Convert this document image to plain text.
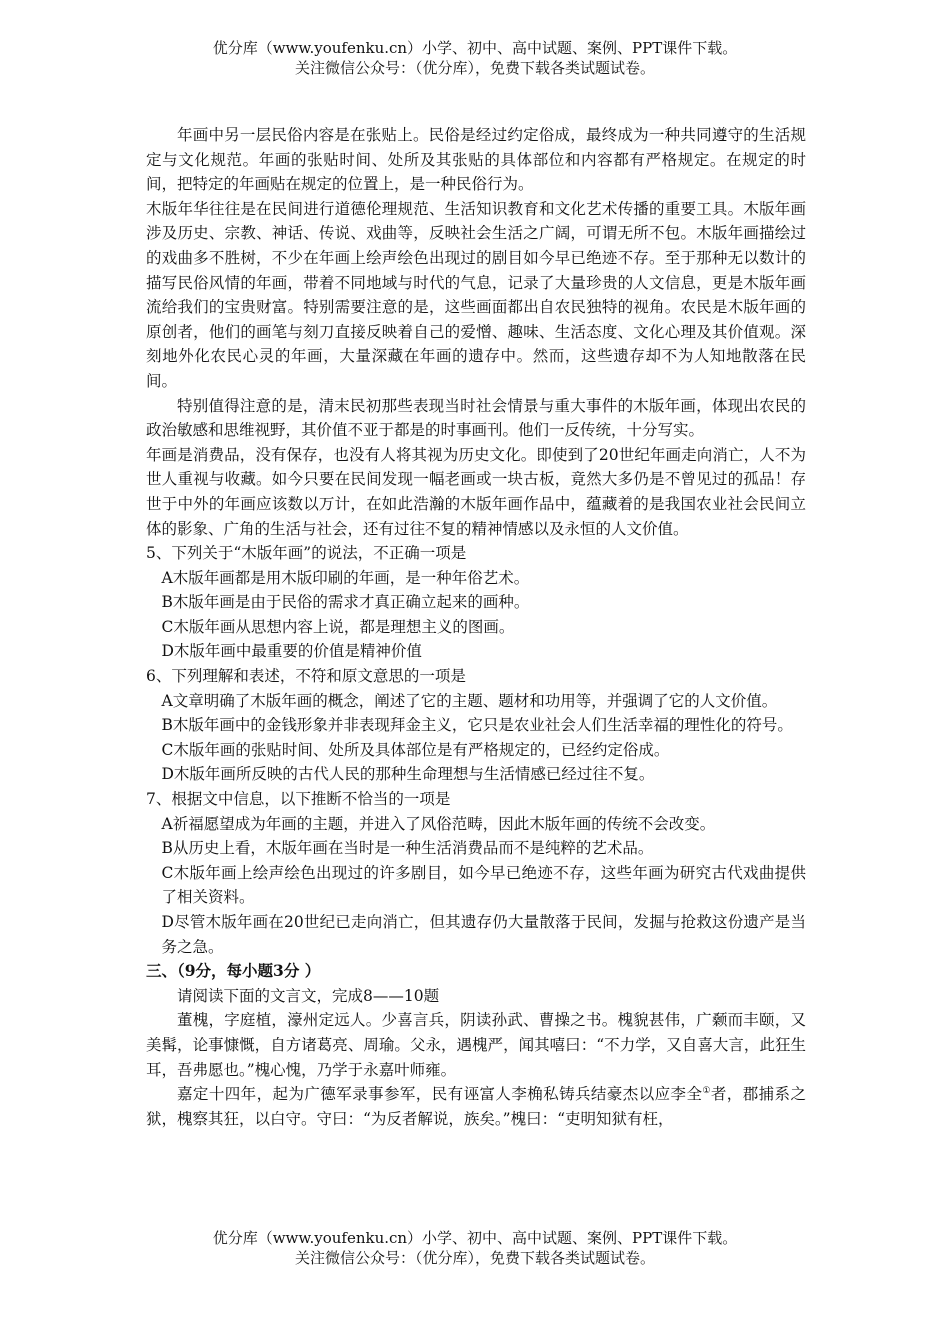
优分库（www.youfenku.cn）小学、初中、高中试题、案例、PPT课件下载。
关注微信公众号：（优分库），免费下载各类试题试卷。

年画中另一层民俗内容是在张贴上。民俗是经过约定俗成，最终成为一种共同遵守的生活规定与文化规范。年画的张贴时间、处所及其张贴的具体部位和内容都有严格规定。在规定的时间，把特定的年画贴在规定的位置上，是一种民俗行为。

木版年华往往是在民间进行道德伦理规范、生活知识教育和文化艺术传播的重要工具。木版年画涉及历史、宗教、神话、传说、戏曲等，反映社会生活之广阔，可谓无所不包。木版年画描绘过的戏曲多不胜树，不少在年画上绘声绘色出现过的剧目如今早已绝迹不存。至于那种无以数计的描写民俗风情的年画，带着不同地域与时代的气息，记录了大量珍贵的人文信息，更是木版年画流给我们的宝贵财富。特别需要注意的是，这些画面都出自农民独特的视角。农民是木版年画的原创者，他们的画笔与刻刀直接反映着自己的爱憎、趣味、生活态度、文化心理及其价值观。深刻地外化农民心灵的年画，大量深藏在年画的遗存中。然而，这些遗存却不为人知地散落在民间。

特别值得注意的是，清末民初那些表现当时社会情景与重大事件的木版年画，体现出农民的政治敏感和思维视野，其价值不亚于都是的时事画刊。他们一反传统，十分写实。

年画是消费品，没有保存，也没有人将其视为历史文化。即使到了20世纪年画走向消亡，人不为世人重视与收藏。如今只要在民间发现一幅老画或一块古板，竟然大多仍是不曾见过的孤品！存世于中外的年画应该数以万计，在如此浩瀚的木版年画作品中，蕴藏着的是我国农业社会民间立体的影象、广角的生活与社会，还有过往不复的精神情感以及永恒的人文价值。

5、下列关于“木版年画”的说法，不正确一项是

A木版年画都是用木版印刷的年画，是一种年俗艺术。

B木版年画是由于民俗的需求才真正确立起来的画种。

C木版年画从思想内容上说，都是理想主义的图画。

D木版年画中最重要的价值是精神价值

6、下列理解和表述，不符和原文意思的一项是

A文章明确了木版年画的概念，阐述了它的主题、题材和功用等，并强调了它的人文价值。

B木版年画中的金钱形象并非表现拜金主义，它只是农业社会人们生活幸福的理性化的符号。

C木版年画的张贴时间、处所及具体部位是有严格规定的，已经约定俗成。

D木版年画所反映的古代人民的那种生命理想与生活情感已经过往不复。

7、根据文中信息，以下推断不恰当的一项是

A祈福愿望成为年画的主题，并进入了风俗范畴，因此木版年画的传统不会改变。

B从历史上看，木版年画在当时是一种生活消费品而不是纯粹的艺术品。

C木版年画上绘声绘色出现过的许多剧目，如今早已绝迹不存，这些年画为研究古代戏曲提供了相关资料。

D尽管木版年画在20世纪已走向消亡，但其遗存仍大量散落于民间，发掘与抢救这份遗产是当务之急。

三、（9分，每小题3分 ）

请阅读下面的文言文，完成8——10题

董槐，字庭植，濠州定远人。少喜言兵，阴读孙武、曹操之书。槐貌甚伟，广颡而丰颐，又美髯，论事慷慨，自方诸葛亮、周瑜。父永，遇槐严，闻其嘻曰：“不力学，又自喜大言，此狂生耳，吾弗愿也。”槐心愧，乃学于永嘉叶师雍。

嘉定十四年，起为广德军录事参军，民有诬富人李桷私铸兵结豪杰以应李全①者，郡捕系之狱，槐察其狂，以白守。守曰：“为反者解说，族矣。”槐曰：“吏明知狱有枉，

优分库（www.youfenku.cn）小学、初中、高中试题、案例、PPT课件下载。
关注微信公众号：（优分库），免费下载各类试题试卷。
